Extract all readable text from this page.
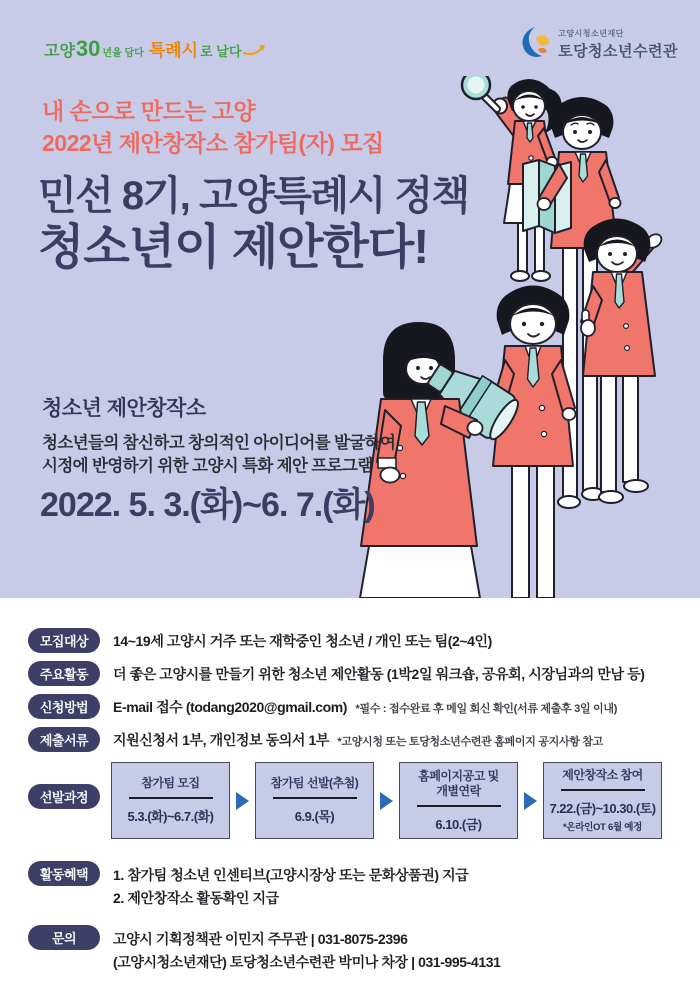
고양 30 년을 담다 특례시 로 날다
고양시청소년재단
토당청소년수련관
내 손으로 만드는 고양
2022년 제안창작소 참가팀(자) 모집
민선 8기, 고양특례시 정책
청소년이 제안한다!
청소년 제안창작소
청소년들의 참신하고 창의적인 아이디어를 발굴하여
시정에 반영하기 위한 고양시 특화 제안 프로그램
2022. 5. 3.(화)~6. 7.(화)
모집대상	14~19세 고양시 거주 또는 재학중인 청소년 / 개인 또는 팀(2~4인)
주요활동	더 좋은 고양시를 만들기 위한 청소년 제안활동 (1박2일 워크숍, 공유회, 시장님과의 만남 등)
신청방법	E-mail 접수 (todang2020@gmail.com) *필수 : 접수완료 후 메일 회신 확인(서류 제출후 3일 이내)
제출서류	지원신청서 1부, 개인정보 동의서 1부 *고양시청 또는 토당청소년수련관 홈페이지 공지사항 참고
선발과정
참가팀 모집
5.3.(화)~6.7.(화)
참가팀 선발(추첨)
6.9.(목)
홈페이지공고 및
개별연락
6.10.(금)
제안창작소 참여
7.22.(금)~10.30.(토)
*온라인OT 6월 예정
활동혜택	1. 참가팀 청소년 인센티브(고양시장상 또는 문화상품권) 지급
2. 제안창작소 활동확인 지급
문의	고양시 기획정책관 이민지 주무관 | 031-8075-2396
(고양시청소년재단) 토당청소년수련관 박미나 차장 | 031-995-4131
